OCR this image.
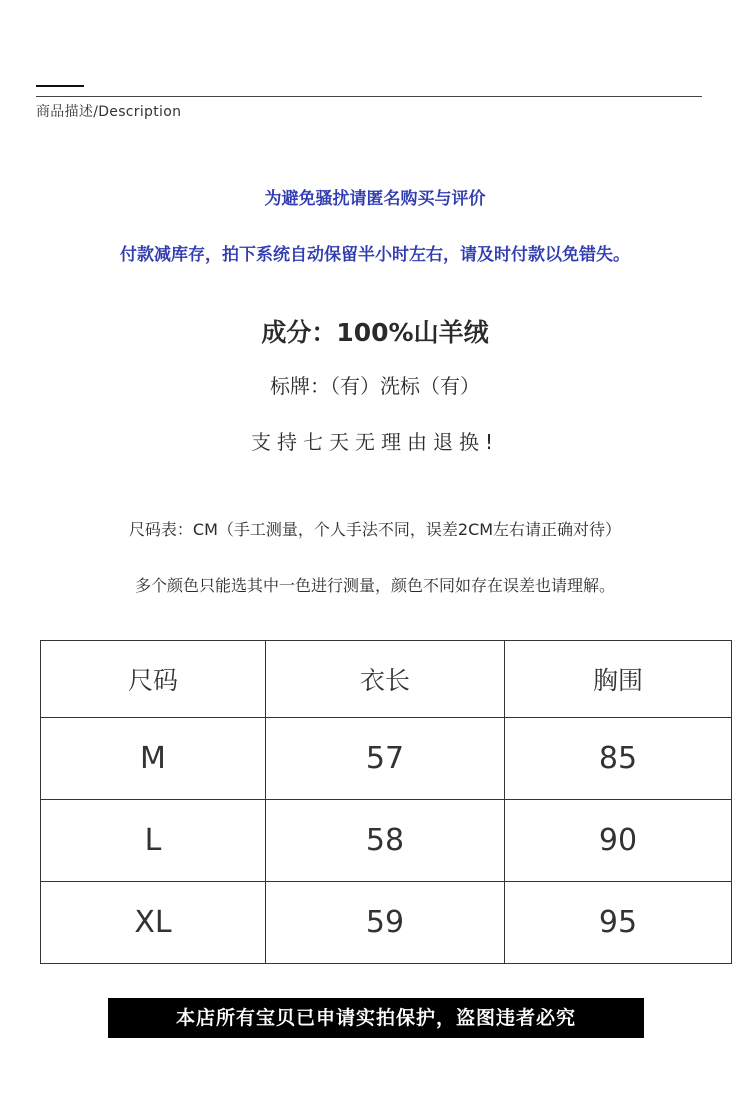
商品描述/Description
为避免骚扰请匿名购买与评价
付款减库存，拍下系统自动保留半小时左右，请及时付款以免错失。
成分：100%山羊绒
标牌：（有）洗标（有）
支持七天无理由退换!
尺码表：CM（手工测量，个人手法不同，误差2CM左右请正确对待）
多个颜色只能选其中一色进行测量，颜色不同如存在误差也请理解。
尺码	衣长	胸围
M	57	85
L	58	90
XL	59	95
本店所有宝贝已申请实拍保护，盗图违者必究
